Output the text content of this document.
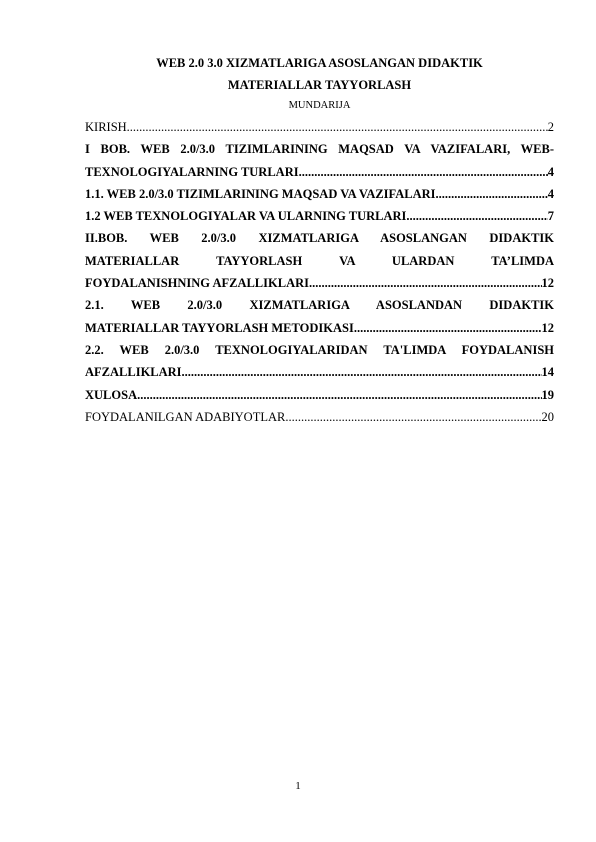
WEB 2.0 3.0 XIZMATLARIGA ASOSLANGAN DIDAKTIK

MATERIALLAR TAYYORLASH

MUNDARIJA

KIRISH .....	2
I BOB. WEB 2.0/3.0 TIZIMLARINING MAQSAD VA VAZIFALARI, WEB-
TEXNOLOGIYALARNING TURLARI .....	4
1.1. WEB 2.0/3.0 TIZIMLARINING MAQSAD VA VAZIFALARI .....	4
1.2 WEB TEXNOLOGIYALAR VA ULARNING TURLARI .....	7
II.BOB. WEB 2.0/3.0 XIZMATLARIGA ASOSLANGAN DIDAKTIK
MATERIALLAR TAYYORLASH VA ULARDAN TA’LIMDA
FOYDALANISHNING AFZALLIKLARI .....	12
2.1. WEB 2.0/3.0 XIZMATLARIGA ASOSLANDAN DIDAKTIK
MATERIALLAR TAYYORLASH METODIKASI .....	12
2.2. WEB 2.0/3.0 TEXNOLOGIYALARIDAN TA'LIMDA FOYDALANISH
AFZALLIKLARI .....	14
XULOSA .....	19
FOYDALANILGAN ADABIYOTLAR .....	20
1
